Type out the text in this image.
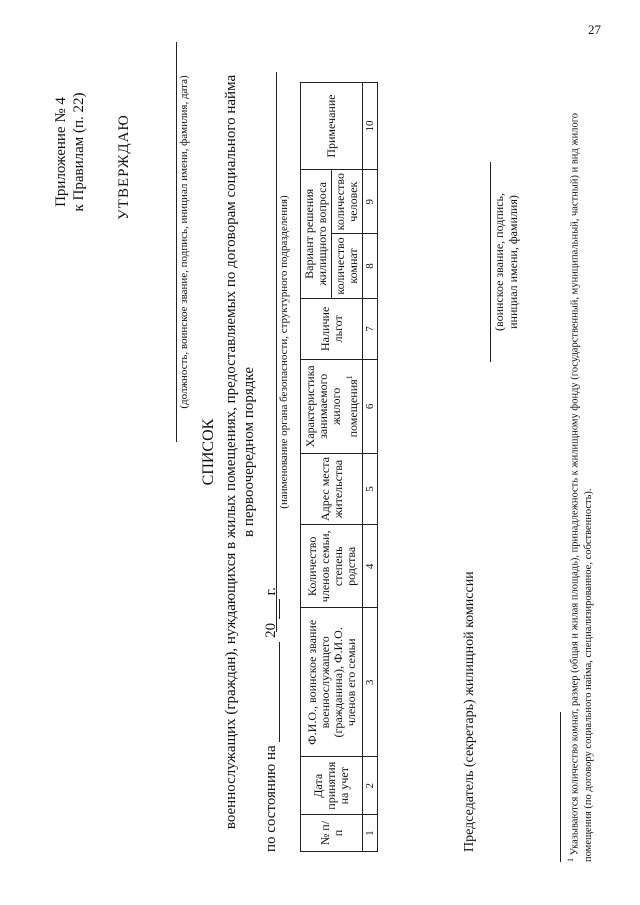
27
Приложение № 4 к Правилам (п. 22) УТВЕРЖДАЮ	(должность, воинское звание, подпись, инициал имени, фамилия, дата)
СПИСОК военнослужащих (граждан), нуждающихся в жилых помещениях, предоставляемых по договорам социального найма в первоочередном порядке
по состоянию на   20   г.
(наименование органа безопасности, структурного подразделения)
№ п/п	Дата принятия на учет	Ф.И.О., воинское звание военнослужащего (гражданина), Ф.И.О. членов его семьи	Количество членов семьи, степень родства	Адрес места жительства	Характеристика занимаемого жилого помещения$^1$	Наличие льгот	Вариант решения жилищного вопроса		Примечание
							количество комнат	количество человек	
1	2	3	4	5	6	7	8	9	10
Председатель (секретарь) жилищной комиссии
(воинское звание, подпись, инициал имени, фамилия)
$^1$ Указываются количество комнат, размер (общая и жилая площадь), принадлежность к жилищному фонду (государственный, муниципальный, частный) и вид жилого помещения (по договору социального найма, специализированное, собственность).
